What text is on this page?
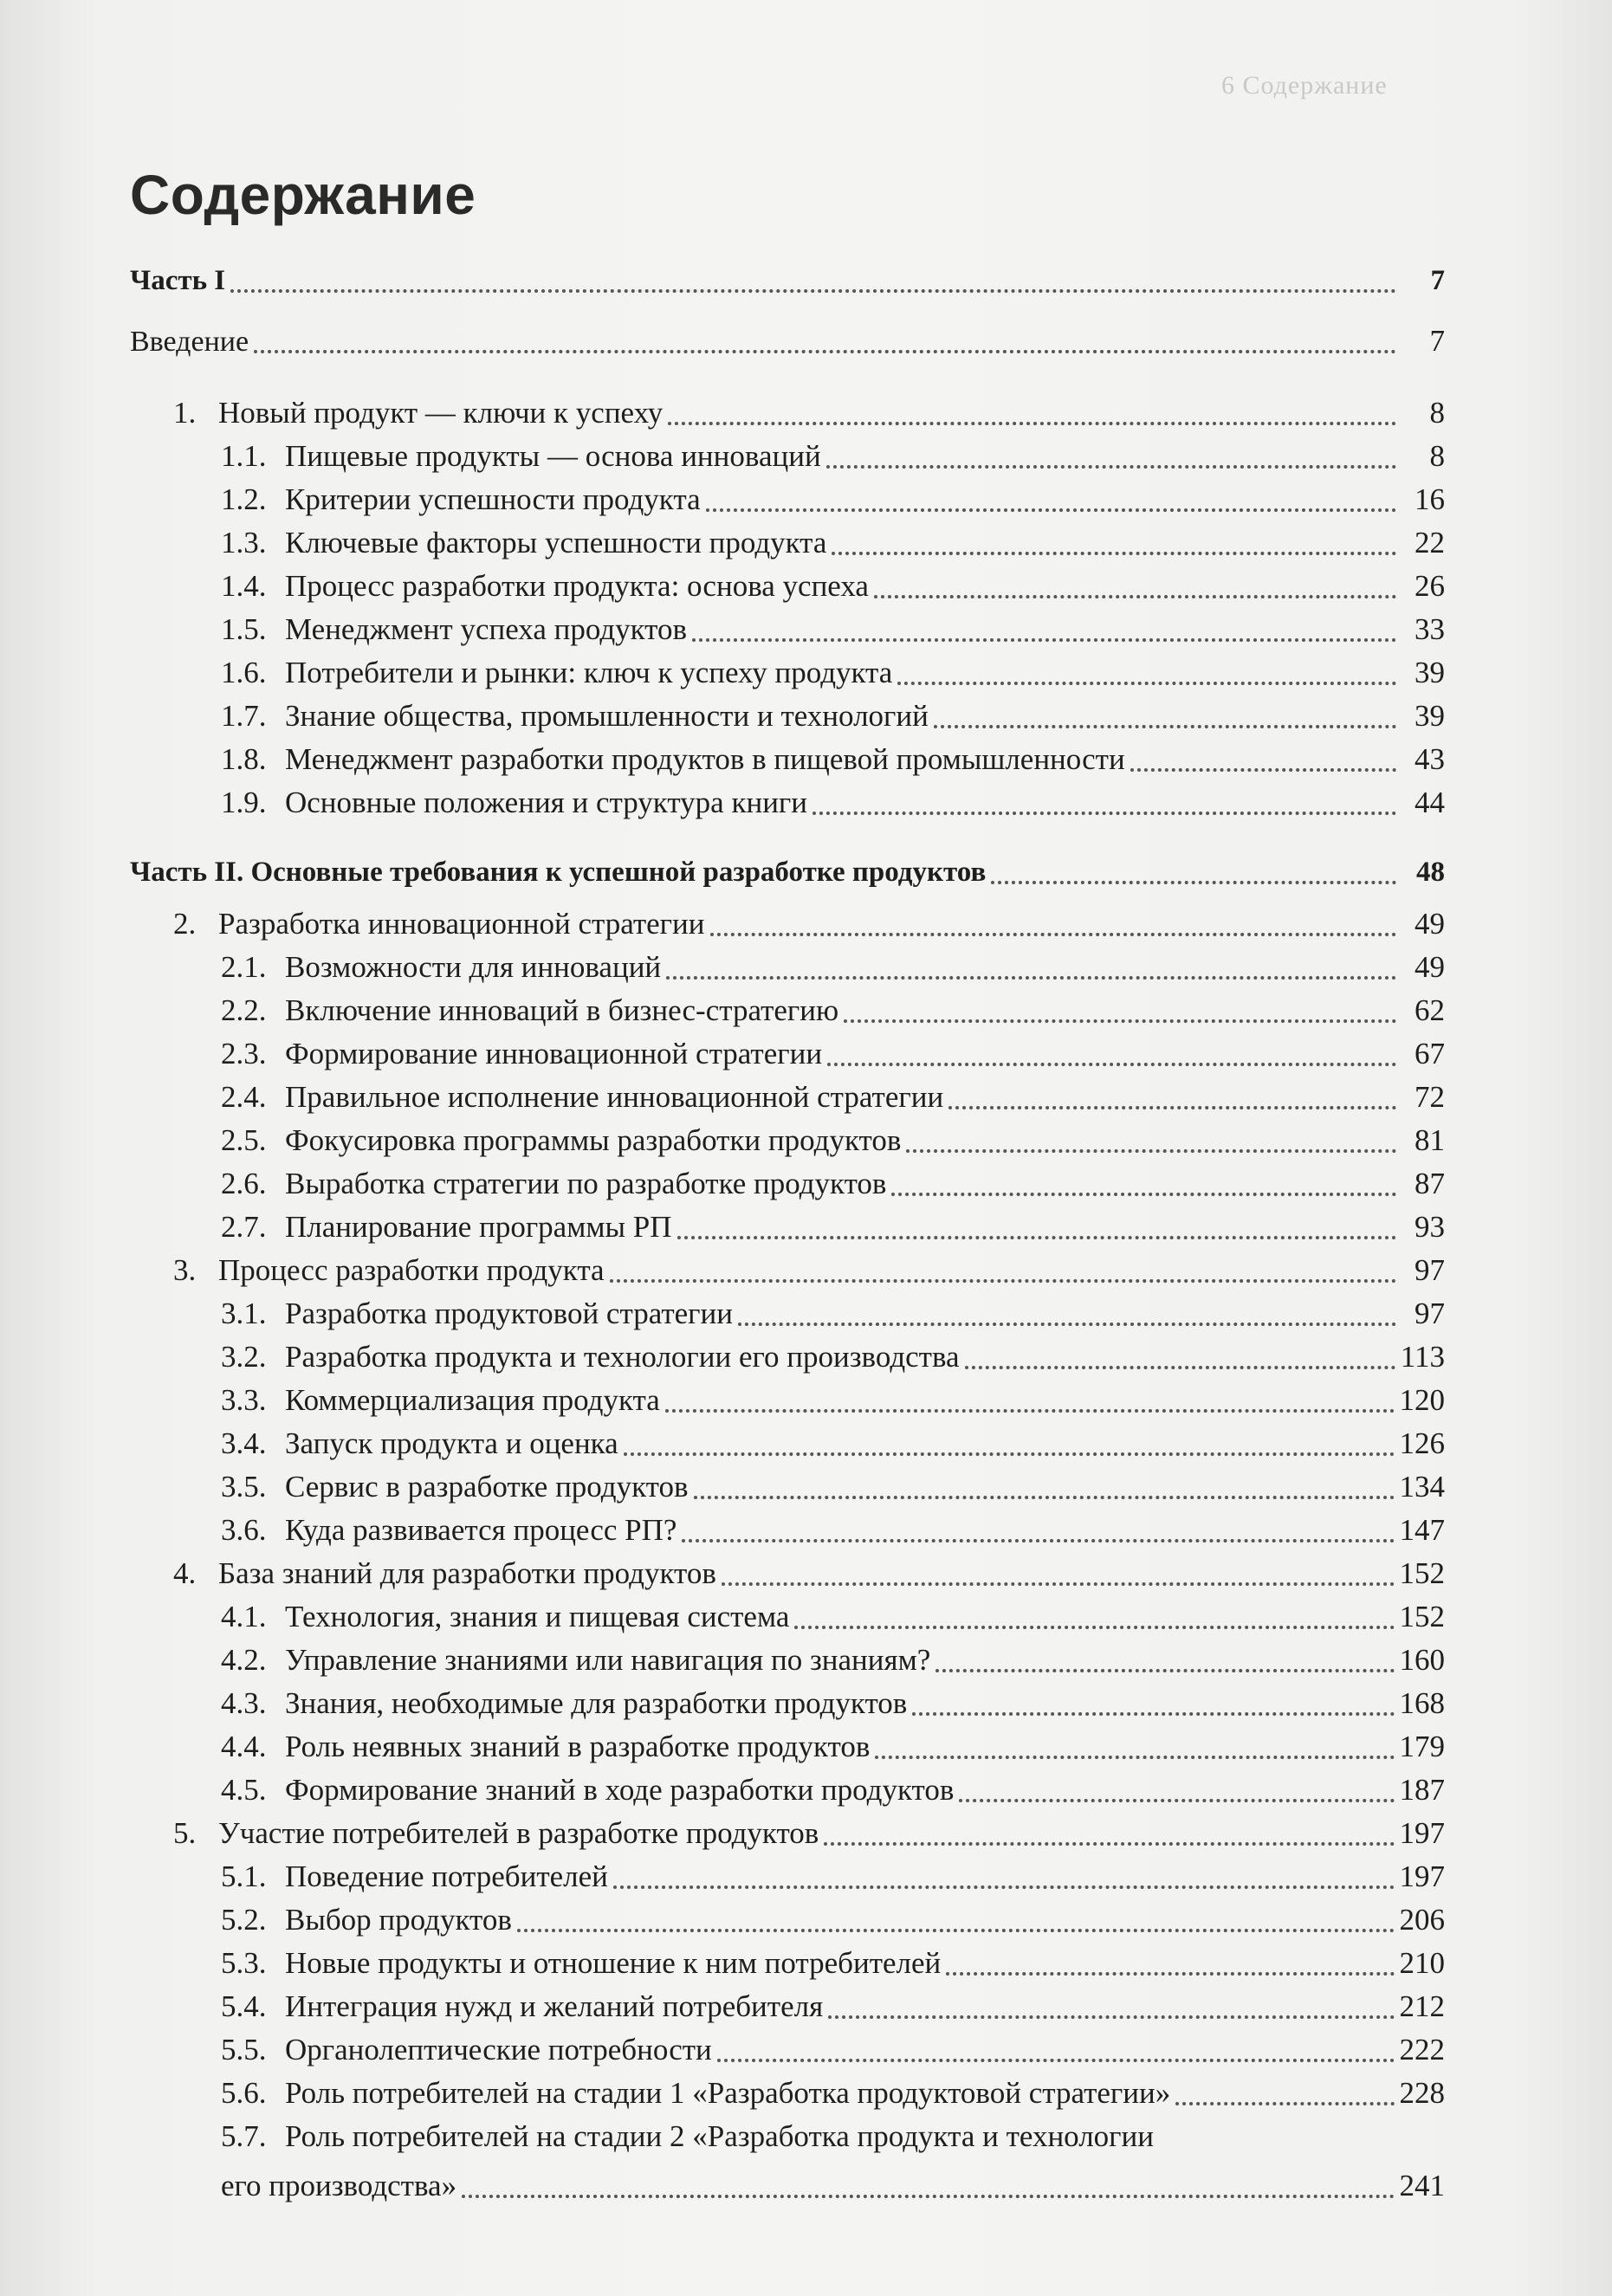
6 Содержание
Содержание
Часть I	7
Введение	7
1. Новый продукт — ключи к успеху	8
1.1. Пищевые продукты — основа инноваций	8
1.2. Критерии успешности продукта	16
1.3. Ключевые факторы успешности продукта	22
1.4. Процесс разработки продукта: основа успеха	26
1.5. Менеджмент успеха продуктов	33
1.6. Потребители и рынки: ключ к успеху продукта	39
1.7. Знание общества, промышленности и технологий	39
1.8. Менеджмент разработки продуктов в пищевой промышленности	43
1.9. Основные положения и структура книги	44
Часть II. Основные требования к успешной разработке продуктов	48
2. Разработка инновационной стратегии	49
2.1. Возможности для инноваций	49
2.2. Включение инноваций в бизнес-стратегию	62
2.3. Формирование инновационной стратегии	67
2.4. Правильное исполнение инновационной стратегии	72
2.5. Фокусировка программы разработки продуктов	81
2.6. Выработка стратегии по разработке продуктов	87
2.7. Планирование программы РП	93
3. Процесс разработки продукта	97
3.1. Разработка продуктовой стратегии	97
3.2. Разработка продукта и технологии его производства	113
3.3. Коммерциализация продукта	120
3.4. Запуск продукта и оценка	126
3.5. Сервис в разработке продуктов	134
3.6. Куда развивается процесс РП?	147
4. База знаний для разработки продуктов	152
4.1. Технология, знания и пищевая система	152
4.2. Управление знаниями или навигация по знаниям?	160
4.3. Знания, необходимые для разработки продуктов	168
4.4. Роль неявных знаний в разработке продуктов	179
4.5. Формирование знаний в ходе разработки продуктов	187
5. Участие потребителей в разработке продуктов	197
5.1. Поведение потребителей	197
5.2. Выбор продуктов	206
5.3. Новые продукты и отношение к ним потребителей	210
5.4. Интеграция нужд и желаний потребителя	212
5.5. Органолептические потребности	222
5.6. Роль потребителей на стадии 1 «Разработка продуктовой стратегии»	228
5.7. Роль потребителей на стадии 2 «Разработка продукта и технологии
его производства»	241
